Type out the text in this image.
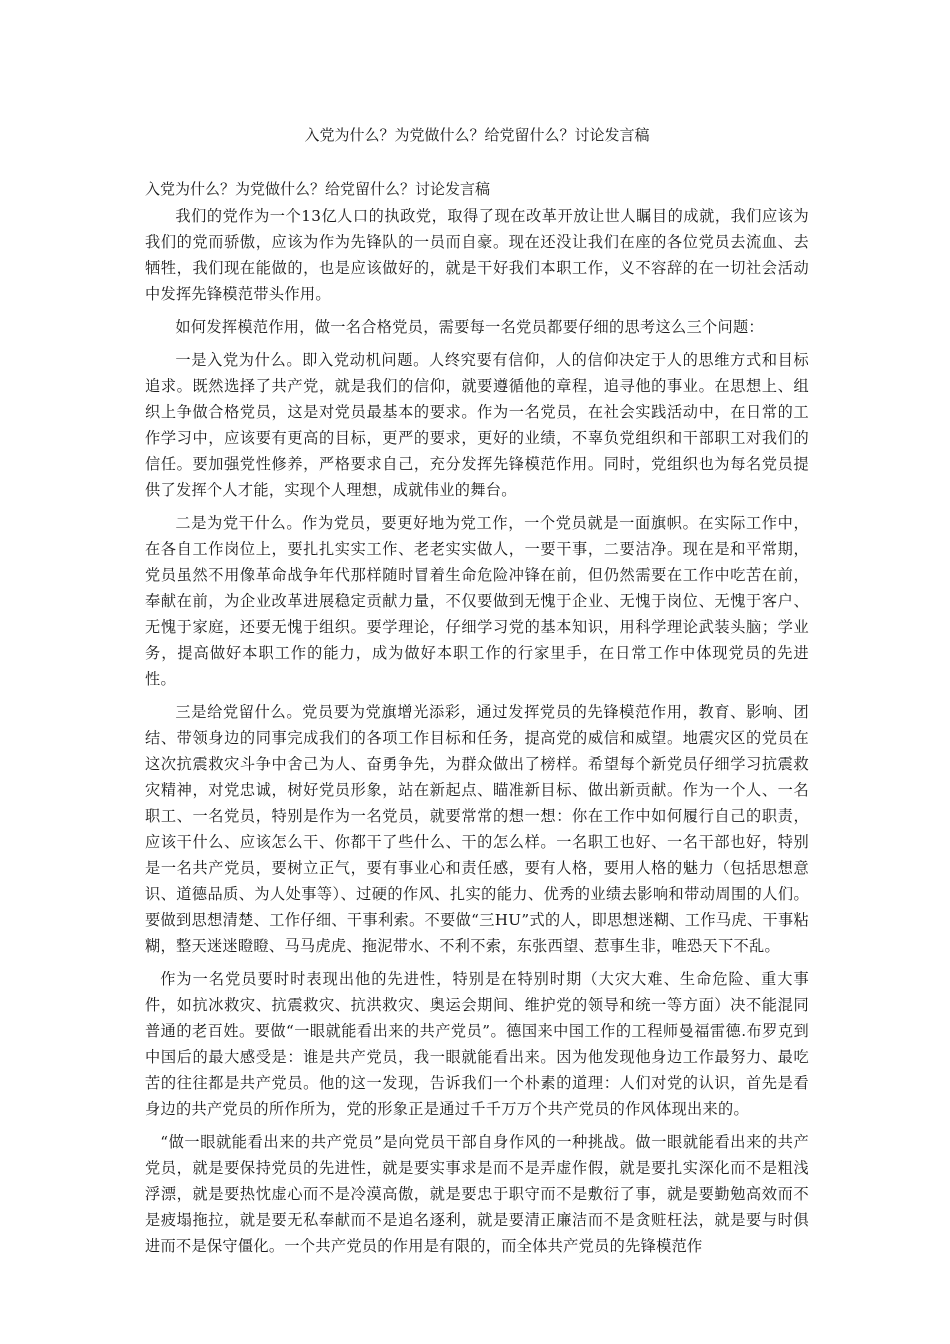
入党为什么？为党做什么？给党留什么？讨论发言稿

入党为什么？为党做什么？给党留什么？讨论发言稿

我们的党作为一个13亿人口的执政党，取得了现在改革开放让世人瞩目的成就，我们应该为我们的党而骄傲，应该为作为先锋队的一员而自豪。现在还没让我们在座的各位党员去流血、去牺牲，我们现在能做的，也是应该做好的，就是干好我们本职工作，义不容辞的在一切社会活动中发挥先锋模范带头作用。

如何发挥模范作用，做一名合格党员，需要每一名党员都要仔细的思考这么三个问题：

一是入党为什么。即入党动机问题。人终究要有信仰，人的信仰决定于人的思维方式和目标追求。既然选择了共产党，就是我们的信仰，就要遵循他的章程，追寻他的事业。在思想上、组织上争做合格党员，这是对党员最基本的要求。作为一名党员，在社会实践活动中，在日常的工作学习中，应该要有更高的目标，更严的要求，更好的业绩，不辜负党组织和干部职工对我们的信任。要加强党性修养，严格要求自己，充分发挥先锋模范作用。同时，党组织也为每名党员提供了发挥个人才能，实现个人理想，成就伟业的舞台。

二是为党干什么。作为党员，要更好地为党工作，一个党员就是一面旗帜。在实际工作中，在各自工作岗位上，要扎扎实实工作、老老实实做人，一要干事，二要洁净。现在是和平常期，党员虽然不用像革命战争年代那样随时冒着生命危险冲锋在前，但仍然需要在工作中吃苦在前，奉献在前，为企业改革进展稳定贡献力量，不仅要做到无愧于企业、无愧于岗位、无愧于客户、无愧于家庭，还要无愧于组织。要学理论，仔细学习党的基本知识，用科学理论武装头脑；学业务，提高做好本职工作的能力，成为做好本职工作的行家里手，在日常工作中体现党员的先进性。

三是给党留什么。党员要为党旗增光添彩，通过发挥党员的先锋模范作用，教育、影响、团结、带领身边的同事完成我们的各项工作目标和任务，提高党的威信和威望。地震灾区的党员在这次抗震救灾斗争中舍己为人、奋勇争先，为群众做出了榜样。希望每个新党员仔细学习抗震救灾精神，对党忠诚，树好党员形象，站在新起点、瞄准新目标、做出新贡献。作为一个人、一名职工、一名党员，特别是作为一名党员，就要常常的想一想：你在工作中如何履行自己的职责，应该干什么、应该怎么干、你都干了些什么、干的怎么样。一名职工也好、一名干部也好，特别是一名共产党员，要树立正气，要有事业心和责任感，要有人格，要用人格的魅力（包括思想意识、道德品质、为人处事等）、过硬的作风、扎实的能力、优秀的业绩去影响和带动周围的人们。要做到思想清楚、工作仔细、干事利索。不要做“三HU”式的人，即思想迷糊、工作马虎、干事粘糊，整天迷迷瞪瞪、马马虎虎、拖泥带水、不利不索，东张西望、惹事生非，唯恐天下不乱。

作为一名党员要时时表现出他的先进性，特别是在特别时期（大灾大难、生命危险、重大事件，如抗冰救灾、抗震救灾、抗洪救灾、奥运会期间、维护党的领导和统一等方面）决不能混同普通的老百姓。要做“一眼就能看出来的共产党员”。德国来中国工作的工程师曼福雷德.布罗克到中国后的最大感受是：谁是共产党员，我一眼就能看出来。因为他发现他身边工作最努力、最吃苦的往往都是共产党员。他的这一发现，告诉我们一个朴素的道理：人们对党的认识，首先是看身边的共产党员的所作所为，党的形象正是通过千千万万个共产党员的作风体现出来的。

“做一眼就能看出来的共产党员”是向党员干部自身作风的一种挑战。做一眼就能看出来的共产党员，就是要保持党员的先进性，就是要实事求是而不是弄虚作假，就是要扎实深化而不是粗浅浮漂，就是要热忱虚心而不是冷漠高傲，就是要忠于职守而不是敷衍了事，就是要勤勉高效而不是疲塌拖拉，就是要无私奉献而不是追名逐利，就是要清正廉洁而不是贪赃枉法，就是要与时俱进而不是保守僵化。一个共产党员的作用是有限的，而全体共产党员的先锋模范作
